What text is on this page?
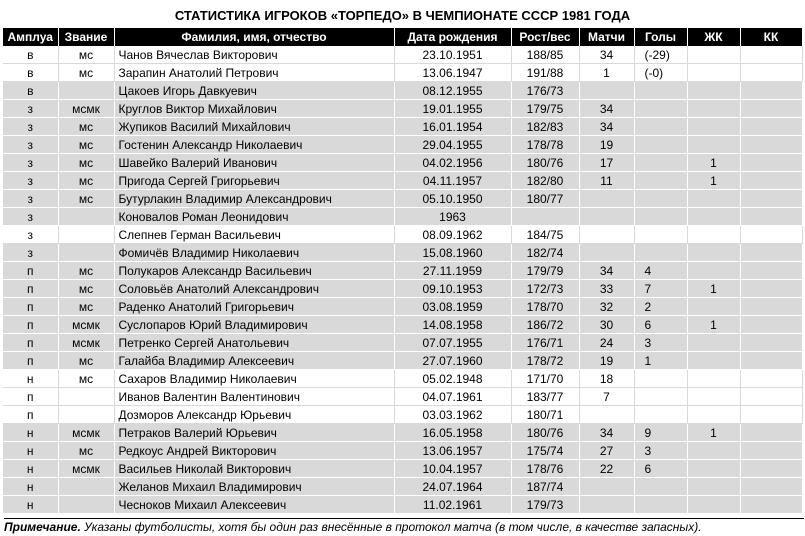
СТАТИСТИКА ИГРОКОВ «ТОРПЕДО» В ЧЕМПИОНАТЕ СССР 1981 ГОДА
Амплуа	Звание	Фамилия, имя, отчество	Дата рождения	Рост/вес	Матчи	Голы	ЖК	КК
в	мс	Чанов Вячеслав Викторович	23.10.1951	188/85	34	(-29)		
в	мс	Зарапин Анатолий Петрович	13.06.1947	191/88	1	(-0)		
в		Цакоев Игорь Давкуевич	08.12.1955	176/73				
з	мсмк	Круглов Виктор Михайлович	19.01.1955	179/75	34			
з	мс	Жупиков Василий Михайлович	16.01.1954	182/83	34			
з	мс	Гостенин Александр Николаевич	29.04.1955	178/78	19			
з	мс	Шавейко Валерий Иванович	04.02.1956	180/76	17		1	
з	мс	Пригода Сергей Григорьевич	04.11.1957	182/80	11		1	
з	мс	Бутурлакин Владимир Александрович	05.10.1950	180/77				
з		Коновалов Роман Леонидович	1963					
з		Слепнев Герман Васильевич	08.09.1962	184/75				
з		Фомичёв Владимир Николаевич	15.08.1960	182/74				
п	мс	Полукаров Александр Васильевич	27.11.1959	179/79	34	4		
п	мс	Соловьёв Анатолий Александрович	09.10.1953	172/73	33	7	1	
п	мс	Раденко Анатолий Григорьевич	03.08.1959	178/70	32	2		
п	мсмк	Суслопаров Юрий Владимирович	14.08.1958	186/72	30	6	1	
п	мсмк	Петренко Сергей Анатольевич	07.07.1955	176/71	24	3		
п	мс	Галайба Владимир Алексеевич	27.07.1960	178/72	19	1		
н	мс	Сахаров Владимир Николаевич	05.02.1948	171/70	18			
п		Иванов Валентин Валентинович	04.07.1961	183/77	7			
п		Дозморов Александр Юрьевич	03.03.1962	180/71				
н	мсмк	Петраков Валерий Юрьевич	16.05.1958	180/76	34	9	1	
н	мс	Редкоус Андрей Викторович	13.06.1957	175/74	27	3		
н	мсмк	Васильев Николай Викторович	10.04.1957	178/76	22	6		
н		Желанов Михаил Владимирович	24.07.1964	187/74				
н		Чесноков Михаил Алексеевич	11.02.1961	179/73				
Примечание. Указаны футболисты, хотя бы один раз внесённые в протокол матча (в том числе, в качестве запасных).
